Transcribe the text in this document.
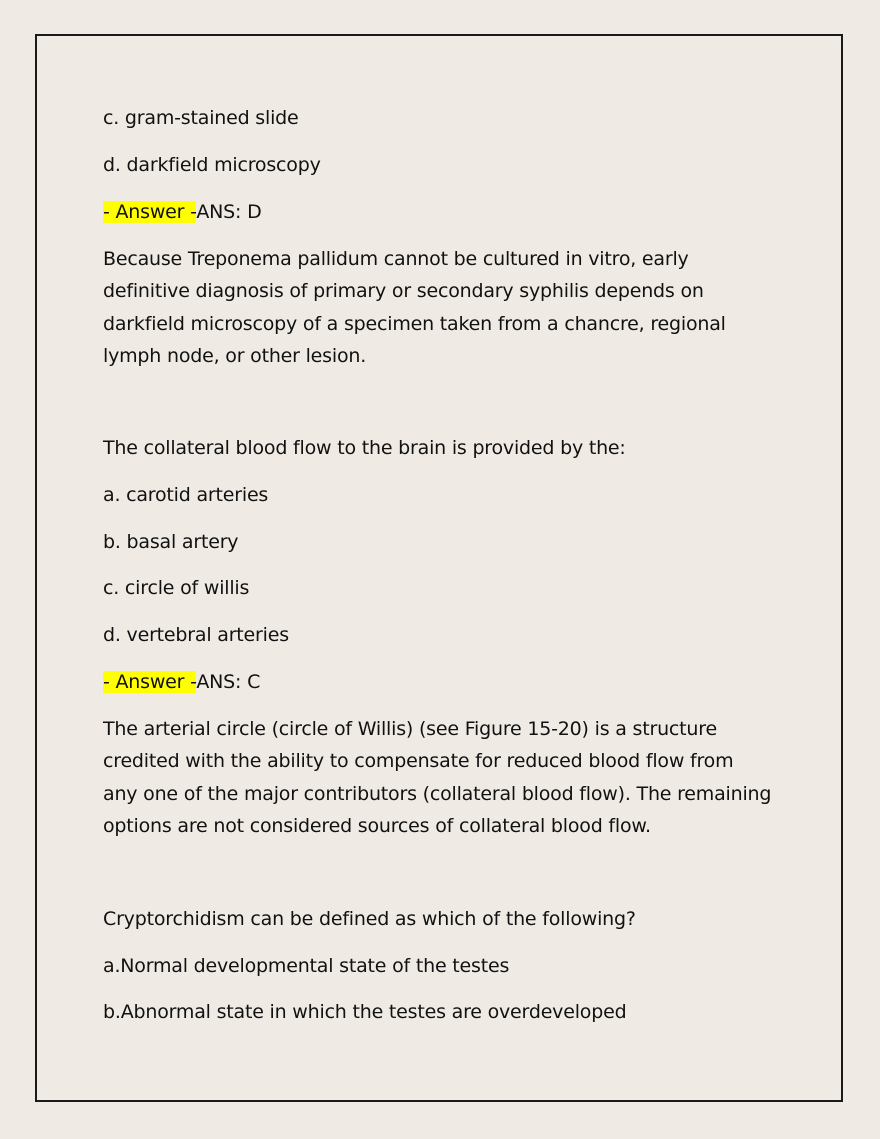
c. gram-stained slide
d. darkfield microscopy
- Answer -ANS: D
Because Treponema pallidum cannot be cultured in vitro, early
definitive diagnosis of primary or secondary syphilis depends on
darkfield microscopy of a specimen taken from a chancre, regional
lymph node, or other lesion.
The collateral blood flow to the brain is provided by the:
a. carotid arteries
b. basal artery
c. circle of willis
d. vertebral arteries
- Answer -ANS: C
The arterial circle (circle of Willis) (see Figure 15-20) is a structure
credited with the ability to compensate for reduced blood flow from
any one of the major contributors (collateral blood flow). The remaining
options are not considered sources of collateral blood flow.
Cryptorchidism can be defined as which of the following?
a.Normal developmental state of the testes
b.Abnormal state in which the testes are overdeveloped
